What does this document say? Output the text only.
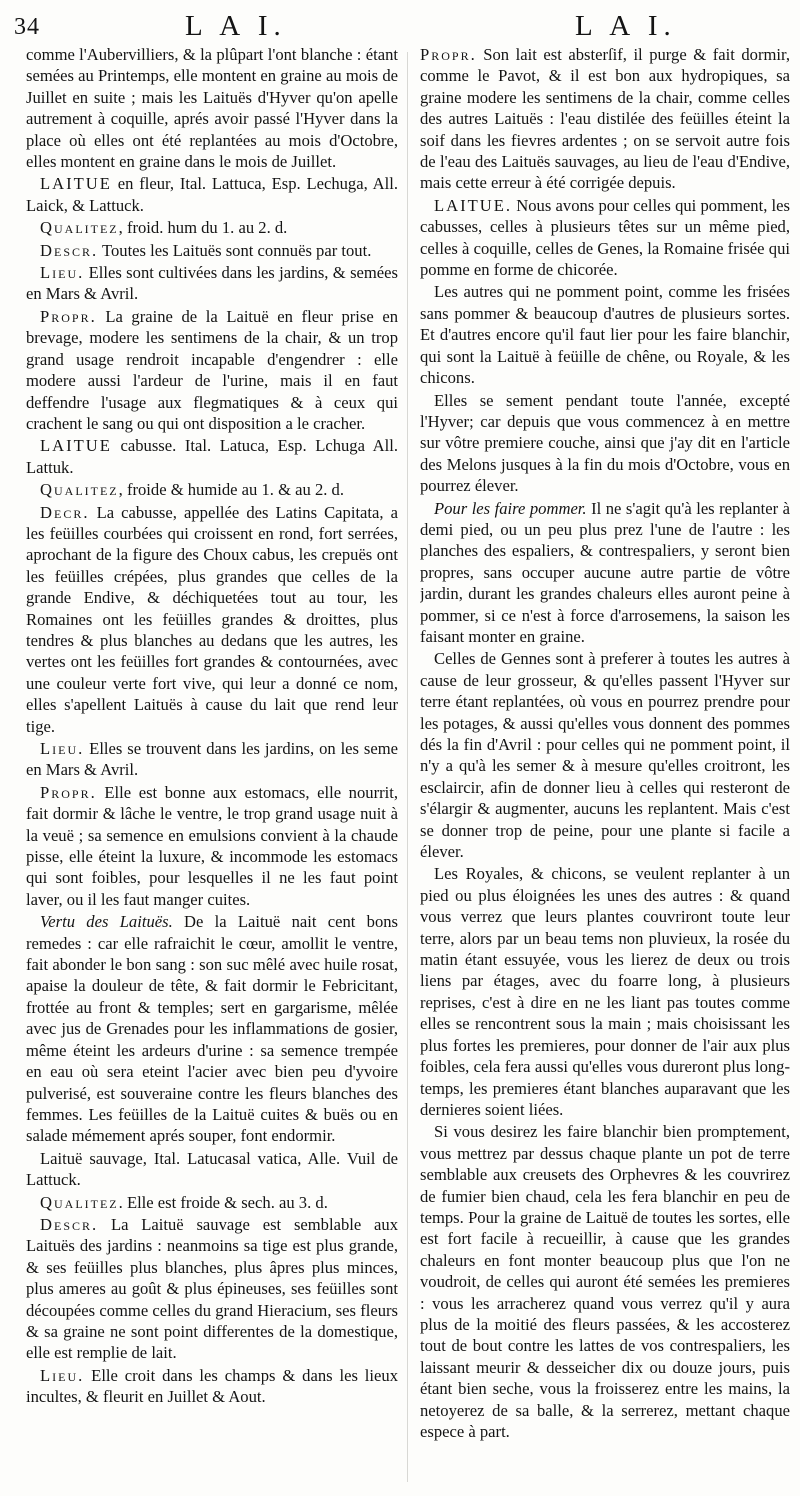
34	L A I.	L A I.

comme l'Aubervilliers, & la plûpart l'ont blanche : étant semées au Printemps, elle montent en graine au mois de Juillet en suite ; mais les Laituës d'Hyver qu'on apelle autrement à coquille, aprés avoir passé l'Hyver dans la place où elles ont été replantées au mois d'Octobre, elles montent en graine dans le mois de Juillet.

LAITUE en fleur, Ital. Lattuca, Esp. Lechuga, All. Laick, & Lattuck.

Qualitez, froid. hum du 1. au 2. d.

Descr. Toutes les Laituës sont connuës par tout.

Lieu. Elles sont cultivées dans les jardins, & semées en Mars & Avril.

Propr. La graine de la Laituë en fleur prise en brevage, modere les sentimens de la chair, & un trop grand usage rendroit incapable d'engendrer : elle modere aussi l'ardeur de l'urine, mais il en faut deffendre l'usage aux flegmatiques & à ceux qui crachent le sang ou qui ont disposition a le cracher.

LAITUE cabusse. Ital. Latuca, Esp. Lchuga All. Lattuk.

Qualitez, froide & humide au 1. & au 2. d.

Decr. La cabusse, appellée des Latins Capitata, a les feüilles courbées qui croissent en rond, fort serrées, aprochant de la figure des Choux cabus, les crepuës ont les feüilles crépées, plus grandes que celles de la grande Endive, & déchiquetées tout au tour, les Romaines ont les feüilles grandes & droittes, plus tendres & plus blanches au dedans que les autres, les vertes ont les feüilles fort grandes & contournées, avec une couleur verte fort vive, qui leur a donné ce nom, elles s'apellent Laituës à cause du lait que rend leur tige.

Lieu. Elles se trouvent dans les jardins, on les seme en Mars & Avril.

Propr. Elle est bonne aux estomacs, elle nourrit, fait dormir & lâche le ventre, le trop grand usage nuit à la veuë ; sa semence en emulsions convient à la chaude pisse, elle éteint la luxure, & incommode les estomacs qui sont foibles, pour lesquelles il ne les faut point laver, ou il les faut manger cuites.

Vertu des Laituës. De la Laituë nait cent bons remedes : car elle rafraichit le cœur, amollit le ventre, fait abonder le bon sang : son suc mêlé avec huile rosat, apaise la douleur de tête, & fait dormir le Febricitant, frottée au front & temples; sert en gargarisme, mêlée avec jus de Grenades pour les inflammations de gosier, même éteint les ardeurs d'urine : sa semence trempée en eau où sera eteint l'acier avec bien peu d'yvoire pulverisé, est souveraine contre les fleurs blanches des femmes. Les feüilles de la Laituë cuites & buës ou en salade mémement aprés souper, font endormir.

Laituë sauvage, Ital. Latucasal vatica, Alle. Vuil de Lattuck.

Qualitez. Elle est froide & sech. au 3. d.

Descr. La Laituë sauvage est semblable aux Laituës des jardins : neanmoins sa tige est plus grande, & ses feüilles plus blanches, plus âpres plus minces, plus ameres au goût & plus épineuses, ses feüilles sont découpées comme celles du grand Hieracium, ses fleurs & sa graine ne sont point differentes de la domestique, elle est remplie de lait.

Lieu. Elle croit dans les champs & dans les lieux incultes, & fleurit en Juillet & Aout.

Propr. Son lait est absterſif, il purge & fait dormir, comme le Pavot, & il est bon aux hydropiques, sa graine modere les sentimens de la chair, comme celles des autres Laituës : l'eau distilée des feüilles éteint la soif dans les fievres ardentes ; on se servoit autre fois de l'eau des Laituës sauvages, au lieu de l'eau d'Endive, mais cette erreur à été corrigée depuis.

LAITUE. Nous avons pour celles qui pomment, les cabusses, celles à plusieurs têtes sur un même pied, celles à coquille, celles de Genes, la Romaine frisée qui pomme en forme de chicorée.

Les autres qui ne pomment point, comme les frisées sans pommer & beaucoup d'autres de plusieurs sortes. Et d'autres encore qu'il faut lier pour les faire blanchir, qui sont la Laituë à feüille de chêne, ou Royale, & les chicons.

Elles se sement pendant toute l'année, excepté l'Hyver; car depuis que vous commencez à en mettre sur vôtre premiere couche, ainsi que j'ay dit en l'article des Melons jusques à la fin du mois d'Octobre, vous en pourrez élever.

Pour les faire pommer. Il ne s'agit qu'à les replanter à demi pied, ou un peu plus prez l'une de l'autre : les planches des espaliers, & contrespaliers, y seront bien propres, sans occuper aucune autre partie de vôtre jardin, durant les grandes chaleurs elles auront peine à pommer, si ce n'est à force d'arrosemens, la saison les faisant monter en graine.

Celles de Gennes sont à preferer à toutes les autres à cause de leur grosseur, & qu'elles passent l'Hyver sur terre étant replantées, où vous en pourrez prendre pour les potages, & aussi qu'elles vous donnent des pommes dés la fin d'Avril : pour celles qui ne pomment point, il n'y a qu'à les semer & à mesure qu'elles croitront, les esclaircir, afin de donner lieu à celles qui resteront de s'élargir & augmenter, aucuns les replantent. Mais c'est se donner trop de peine, pour une plante si facile a élever.

Les Royales, & chicons, se veulent replanter à un pied ou plus éloignées les unes des autres : & quand vous verrez que leurs plantes couvriront toute leur terre, alors par un beau tems non pluvieux, la rosée du matin étant essuyée, vous les lierez de deux ou trois liens par étages, avec du foarre long, à plusieurs reprises, c'est à dire en ne les liant pas toutes comme elles se rencontrent sous la main ; mais choisissant les plus fortes les premieres, pour donner de l'air aux plus foibles, cela fera aussi qu'elles vous dureront plus long-temps, les premieres étant blanches auparavant que les dernieres soient liées.

Si vous desirez les faire blanchir bien promptement, vous mettrez par dessus chaque plante un pot de terre semblable aux creusets des Orphevres & les couvrirez de fumier bien chaud, cela les fera blanchir en peu de temps. Pour la graine de Laituë de toutes les sortes, elle est fort facile à recueillir, à cause que les grandes chaleurs en font monter beaucoup plus que l'on ne voudroit, de celles qui auront été semées les premieres : vous les arracherez quand vous verrez qu'il y aura plus de la moitié des fleurs passées, & les accosterez tout de bout contre les lattes de vos contrespaliers, les laissant meurir & desseicher dix ou douze jours, puis étant bien seche, vous la froisserez entre les mains, la netoyerez de sa balle, & la serrerez, mettant chaque espece à part.
